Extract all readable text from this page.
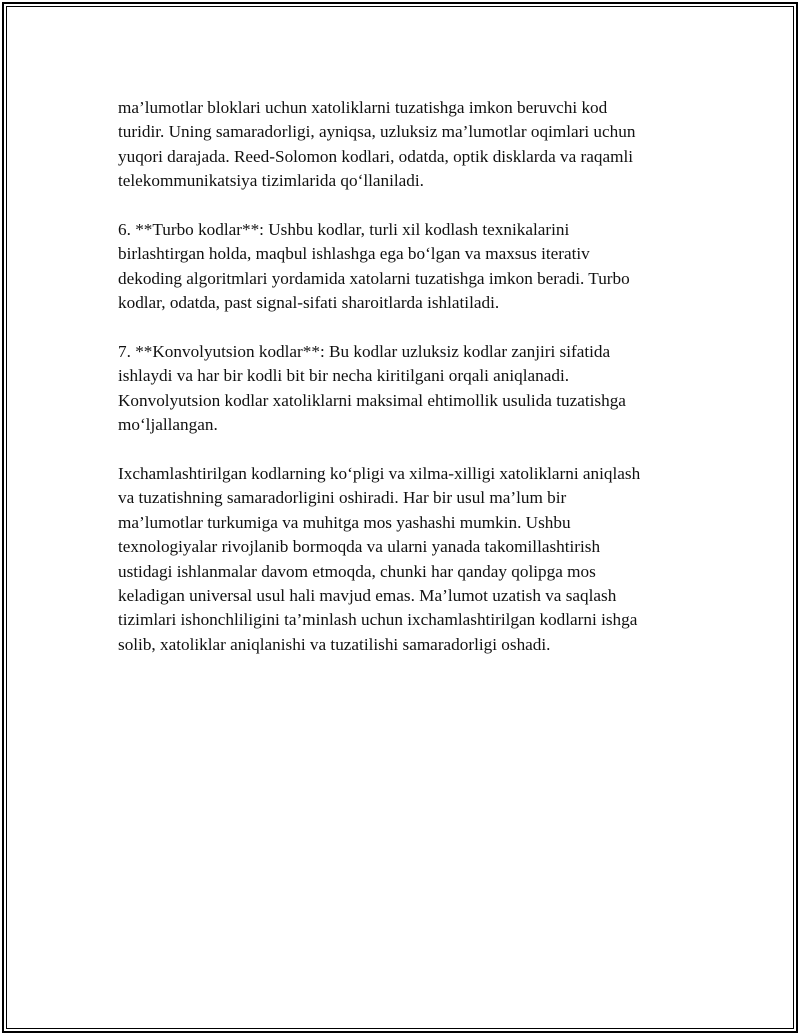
ma’lumotlar bloklari uchun xatoliklarni tuzatishga imkon beruvchi kod
turidir. Uning samaradorligi, ayniqsa, uzluksiz ma’lumotlar oqimlari uchun
yuqori darajada. Reed-Solomon kodlari, odatda, optik disklarda va raqamli
telekommunikatsiya tizimlarida qo‘llaniladi.

6. **Turbo kodlar**: Ushbu kodlar, turli xil kodlash texnikalarini
birlashtirgan holda, maqbul ishlashga ega bo‘lgan va maxsus iterativ
dekoding algoritmlari yordamida xatolarni tuzatishga imkon beradi. Turbo
kodlar, odatda, past signal-sifati sharoitlarda ishlatiladi.

7. **Konvolyutsion kodlar**: Bu kodlar uzluksiz kodlar zanjiri sifatida
ishlaydi va har bir kodli bit bir necha kiritilgani orqali aniqlanadi.
Konvolyutsion kodlar xatoliklarni maksimal ehtimollik usulida tuzatishga
mo‘ljallangan.

Ixchamlashtirilgan kodlarning ko‘pligi va xilma-xilligi xatoliklarni aniqlash
va tuzatishning samaradorligini oshiradi. Har bir usul ma’lum bir
ma’lumotlar turkumiga va muhitga mos yashashi mumkin. Ushbu
texnologiyalar rivojlanib bormoqda va ularni yanada takomillashtirish
ustidagi ishlanmalar davom etmoqda, chunki har qanday qolipga mos
keladigan universal usul hali mavjud emas. Ma’lumot uzatish va saqlash
tizimlari ishonchliligini ta’minlash uchun ixchamlashtirilgan kodlarni ishga
solib, xatoliklar aniqlanishi va tuzatilishi samaradorligi oshadi.
